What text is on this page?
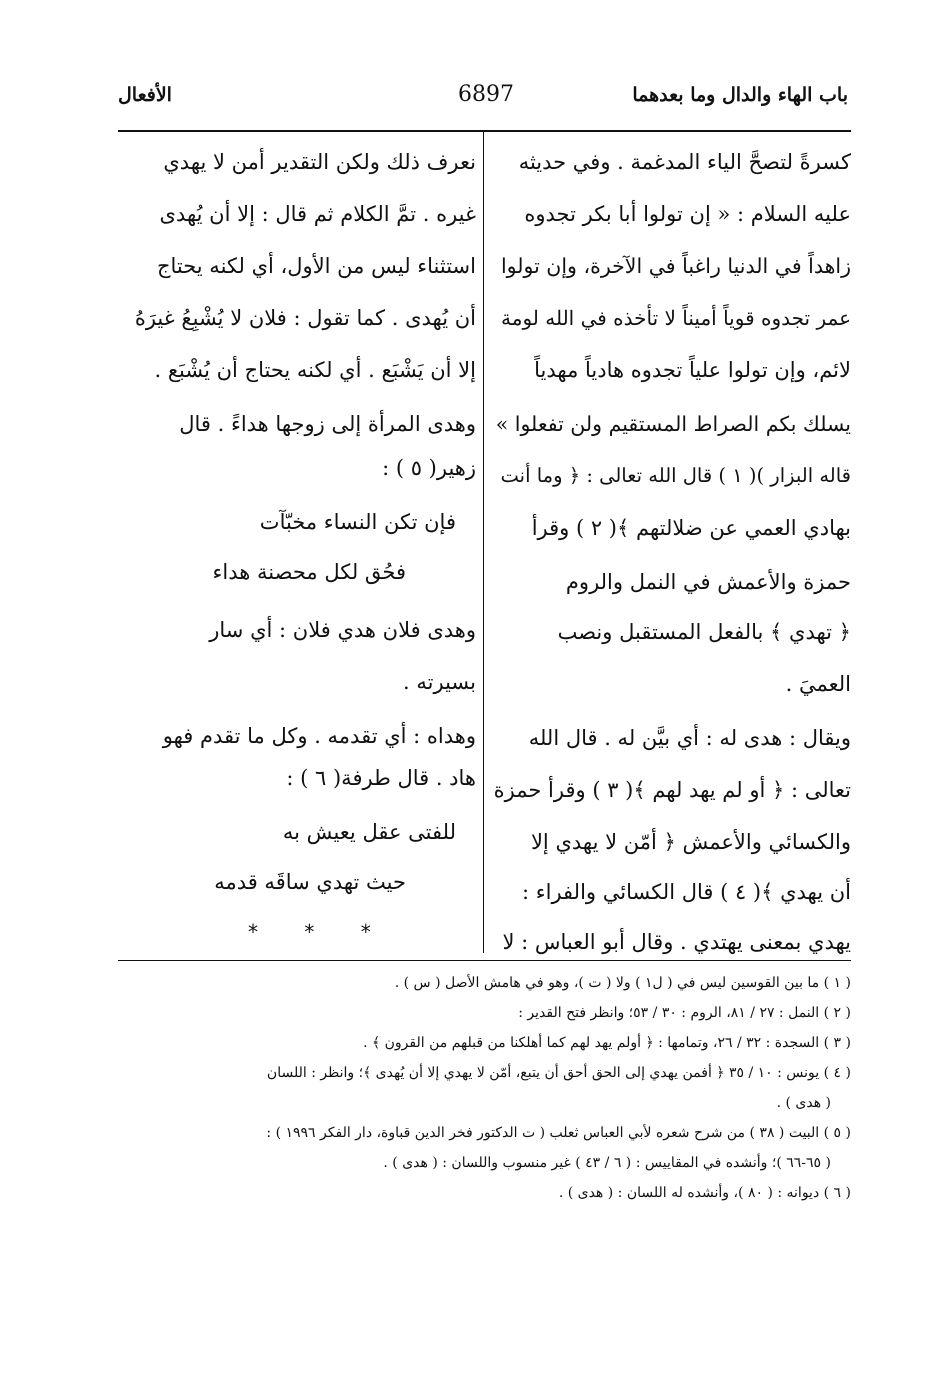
باب الهاء والدال وما بعدهما
6897
الأفعال
كسرةً لتصحَّ الياء المدغمة . وفي حديثه
عليه السلام : « إن تولوا أبا بكر تجدوه
زاهداً في الدنيا راغباً في الآخرة، وإن تولوا
عمر تجدوه قوياً أميناً لا تأخذه في الله لومة
لائم، وإن تولوا علياً تجدوه هادياً مهدياً
يسلك بكم الصراط المستقيم ولن تفعلوا »
قاله البزار )( ١ ) قال الله تعالى : ﴿ وما أنت
بهادي العمي عن ضلالتهم ﴾( ٢ ) وقرأ
حمزة والأعمش في النمل والروم
﴿ تهدي ﴾ بالفعل المستقبل ونصب
العميَ .
ويقال : هدى له : أي بيَّن له . قال الله
تعالى : ﴿ أو لم يهد لهم ﴾( ٣ ) وقرأ حمزة
والكسائي والأعمش ﴿ أمّن لا يهدي إلا
أن يهدي ﴾( ٤ ) قال الكسائي والفراء :
يهدي بمعنى يهتدي . وقال أبو العباس : لا
نعرف ذلك ولكن التقدير أمن لا يهدي
غيره . تمَّ الكلام ثم قال : إلا أن يُهدى
استثناء ليس من الأول، أي لكنه يحتاج
أن يُهدى . كما تقول : فلان لا يُشْبِعُ غيرَهُ
إلا أن يَشْبَع . أي لكنه يحتاج أن يُشْبَع .
وهدى المرأة إلى زوجها هداءً . قال
زهير( ٥ ) :
فإن تكن النساء مخبّآت
فحُق لكل محصنة هداء
وهدى فلان هدي فلان : أي سار
بسيرته .
وهداه : أي تقدمه . وكل ما تقدم فهو
هاد . قال طرفة( ٦ ) :
للفتى عقل يعيش به
حيث تهدي ساقَه قدمه
* * *
( ١ ) ما بين القوسين ليس في ( ل١ ) ولا ( ت )، وهو في هامش الأصل ( س ) .
( ٢ ) النمل : ٢٧ / ٨١، الروم : ٣٠ / ٥٣؛ وانظر فتح القدير :
( ٣ ) السجدة : ٣٢ / ٢٦، وتمامها : ﴿ أولم يهد لهم كما أهلكنا من قبلهم من القرون ﴾ .
( ٤ ) يونس : ١٠ / ٣٥ ﴿ أفمن يهدي إلى الحق أحق أن يتبع، أمّن لا يهدي إلا أن يُهدى ﴾؛ وانظر : اللسان
( هدى ) .
( ٥ ) البيت ( ٣٨ ) من شرح شعره لأبي العباس ثعلب ( ت الدكتور فخر الدين قباوة، دار الفكر ١٩٩٦ ) :
( ٦٥-٦٦ )؛ وأنشده في المقاييس : ( ٦ / ٤٣ ) غير منسوب واللسان : ( هدى ) .
( ٦ ) ديوانه : ( ٨٠ )، وأنشده له اللسان : ( هدى ) .
